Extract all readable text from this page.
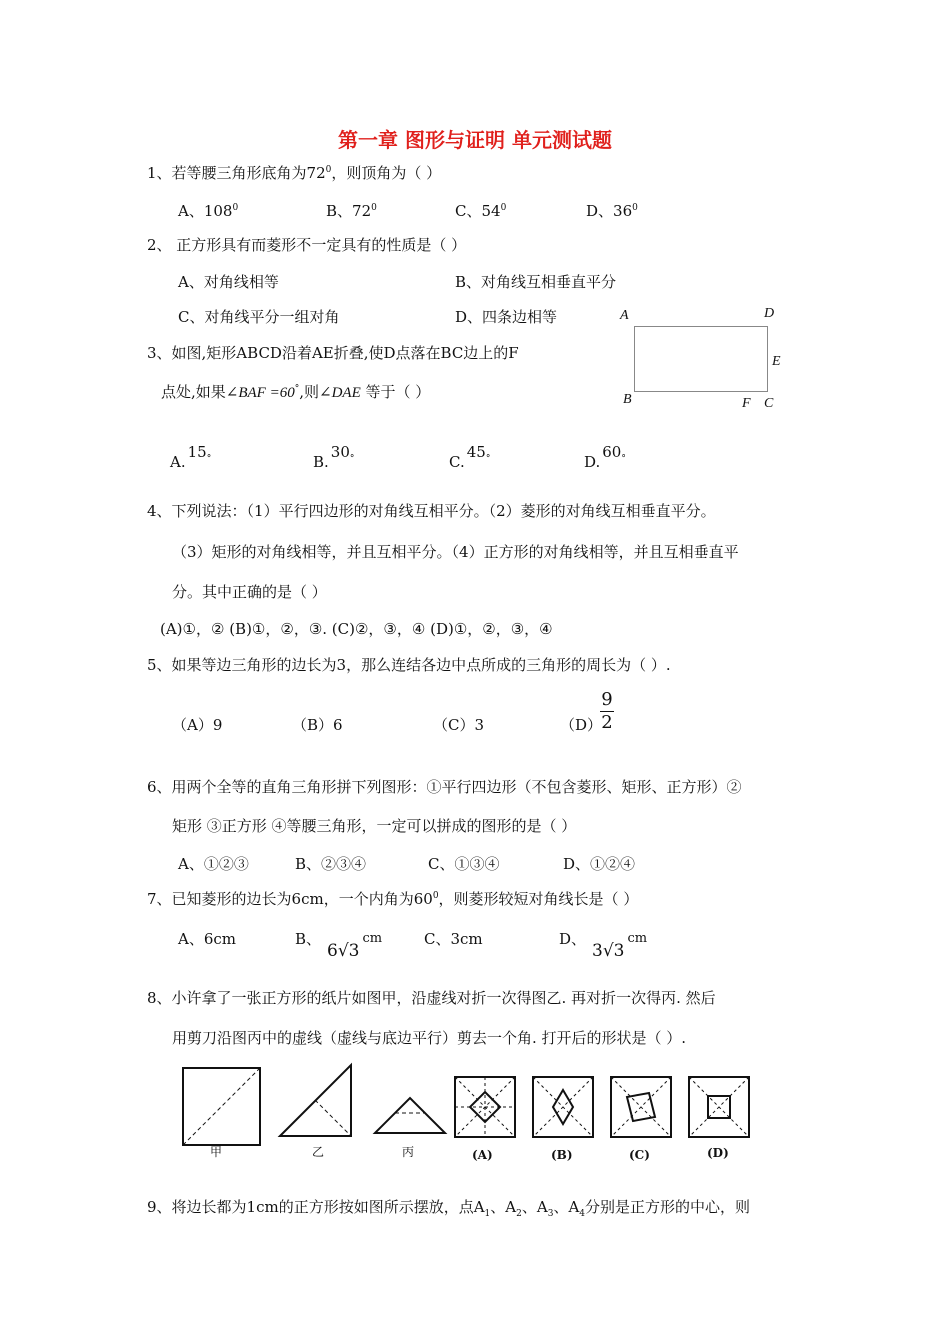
第一章 图形与证明 单元测试题
1、若等腰三角形底角为$72^0$，则顶角为（ ）
A、$108^0$	B、$72^0$	C、$54^0$	D、$36^0$
2、 正方形具有而菱形不一定具有的性质是（ ）
A、对角线相等	B、对角线互相垂直平分
C、对角线平分一组对角	D、四条边相等	A	D
E
B	F C
3、如图,矩形ABCD沿着AE折叠,使D点落在BC边上的F
点处,如果∠BAF =60°,则∠DAE 等于（ ）
A.15°	B.30°	C.45°	D.60°
4、下列说法：（1）平行四边形的对角线互相平分。（2）菱形的对角线互相垂直平分。
（3）矩形的对角线相等，并且互相平分。（4）正方形的对角线相等，并且互相垂直平
分。其中正确的是（ ）
(A)①，② (B)①，②，③. (C)②，③，④ (D)①，②，③，④
5、如果等边三角形的边长为3，那么连结各边中点所成的三角形的周长为（ ）.
（A）9	（B）6	（C）3	（D）
9
2
6、用两个全等的直角三角形拼下列图形：①平行四边形（不包含菱形、矩形、正方形）②
矩形 ③正方形 ④等腰三角形，一定可以拼成的图形的是（ ）
A、①②③	B、②③④	C、①③④	D、①②④
7、已知菱形的边长为6cm，一个内角为$60^0$，则菱形较短对角线长是（ ）
A、6cm	B、6√3cm	C、3cm	D、3√3cm
8、小许拿了一张正方形的纸片如图甲，沿虚线对折一次得图乙. 再对折一次得丙. 然后
用剪刀沿图丙中的虚线（虚线与底边平行）剪去一个角. 打开后的形状是（ ）.
甲	乙	丙	(A)	(B)	(C)	(D)
9、将边长都为1cm的正方形按如图所示摆放，点$A_1$、$A_2$、$A_3$、$A_4$分别是正方形的中心，则
